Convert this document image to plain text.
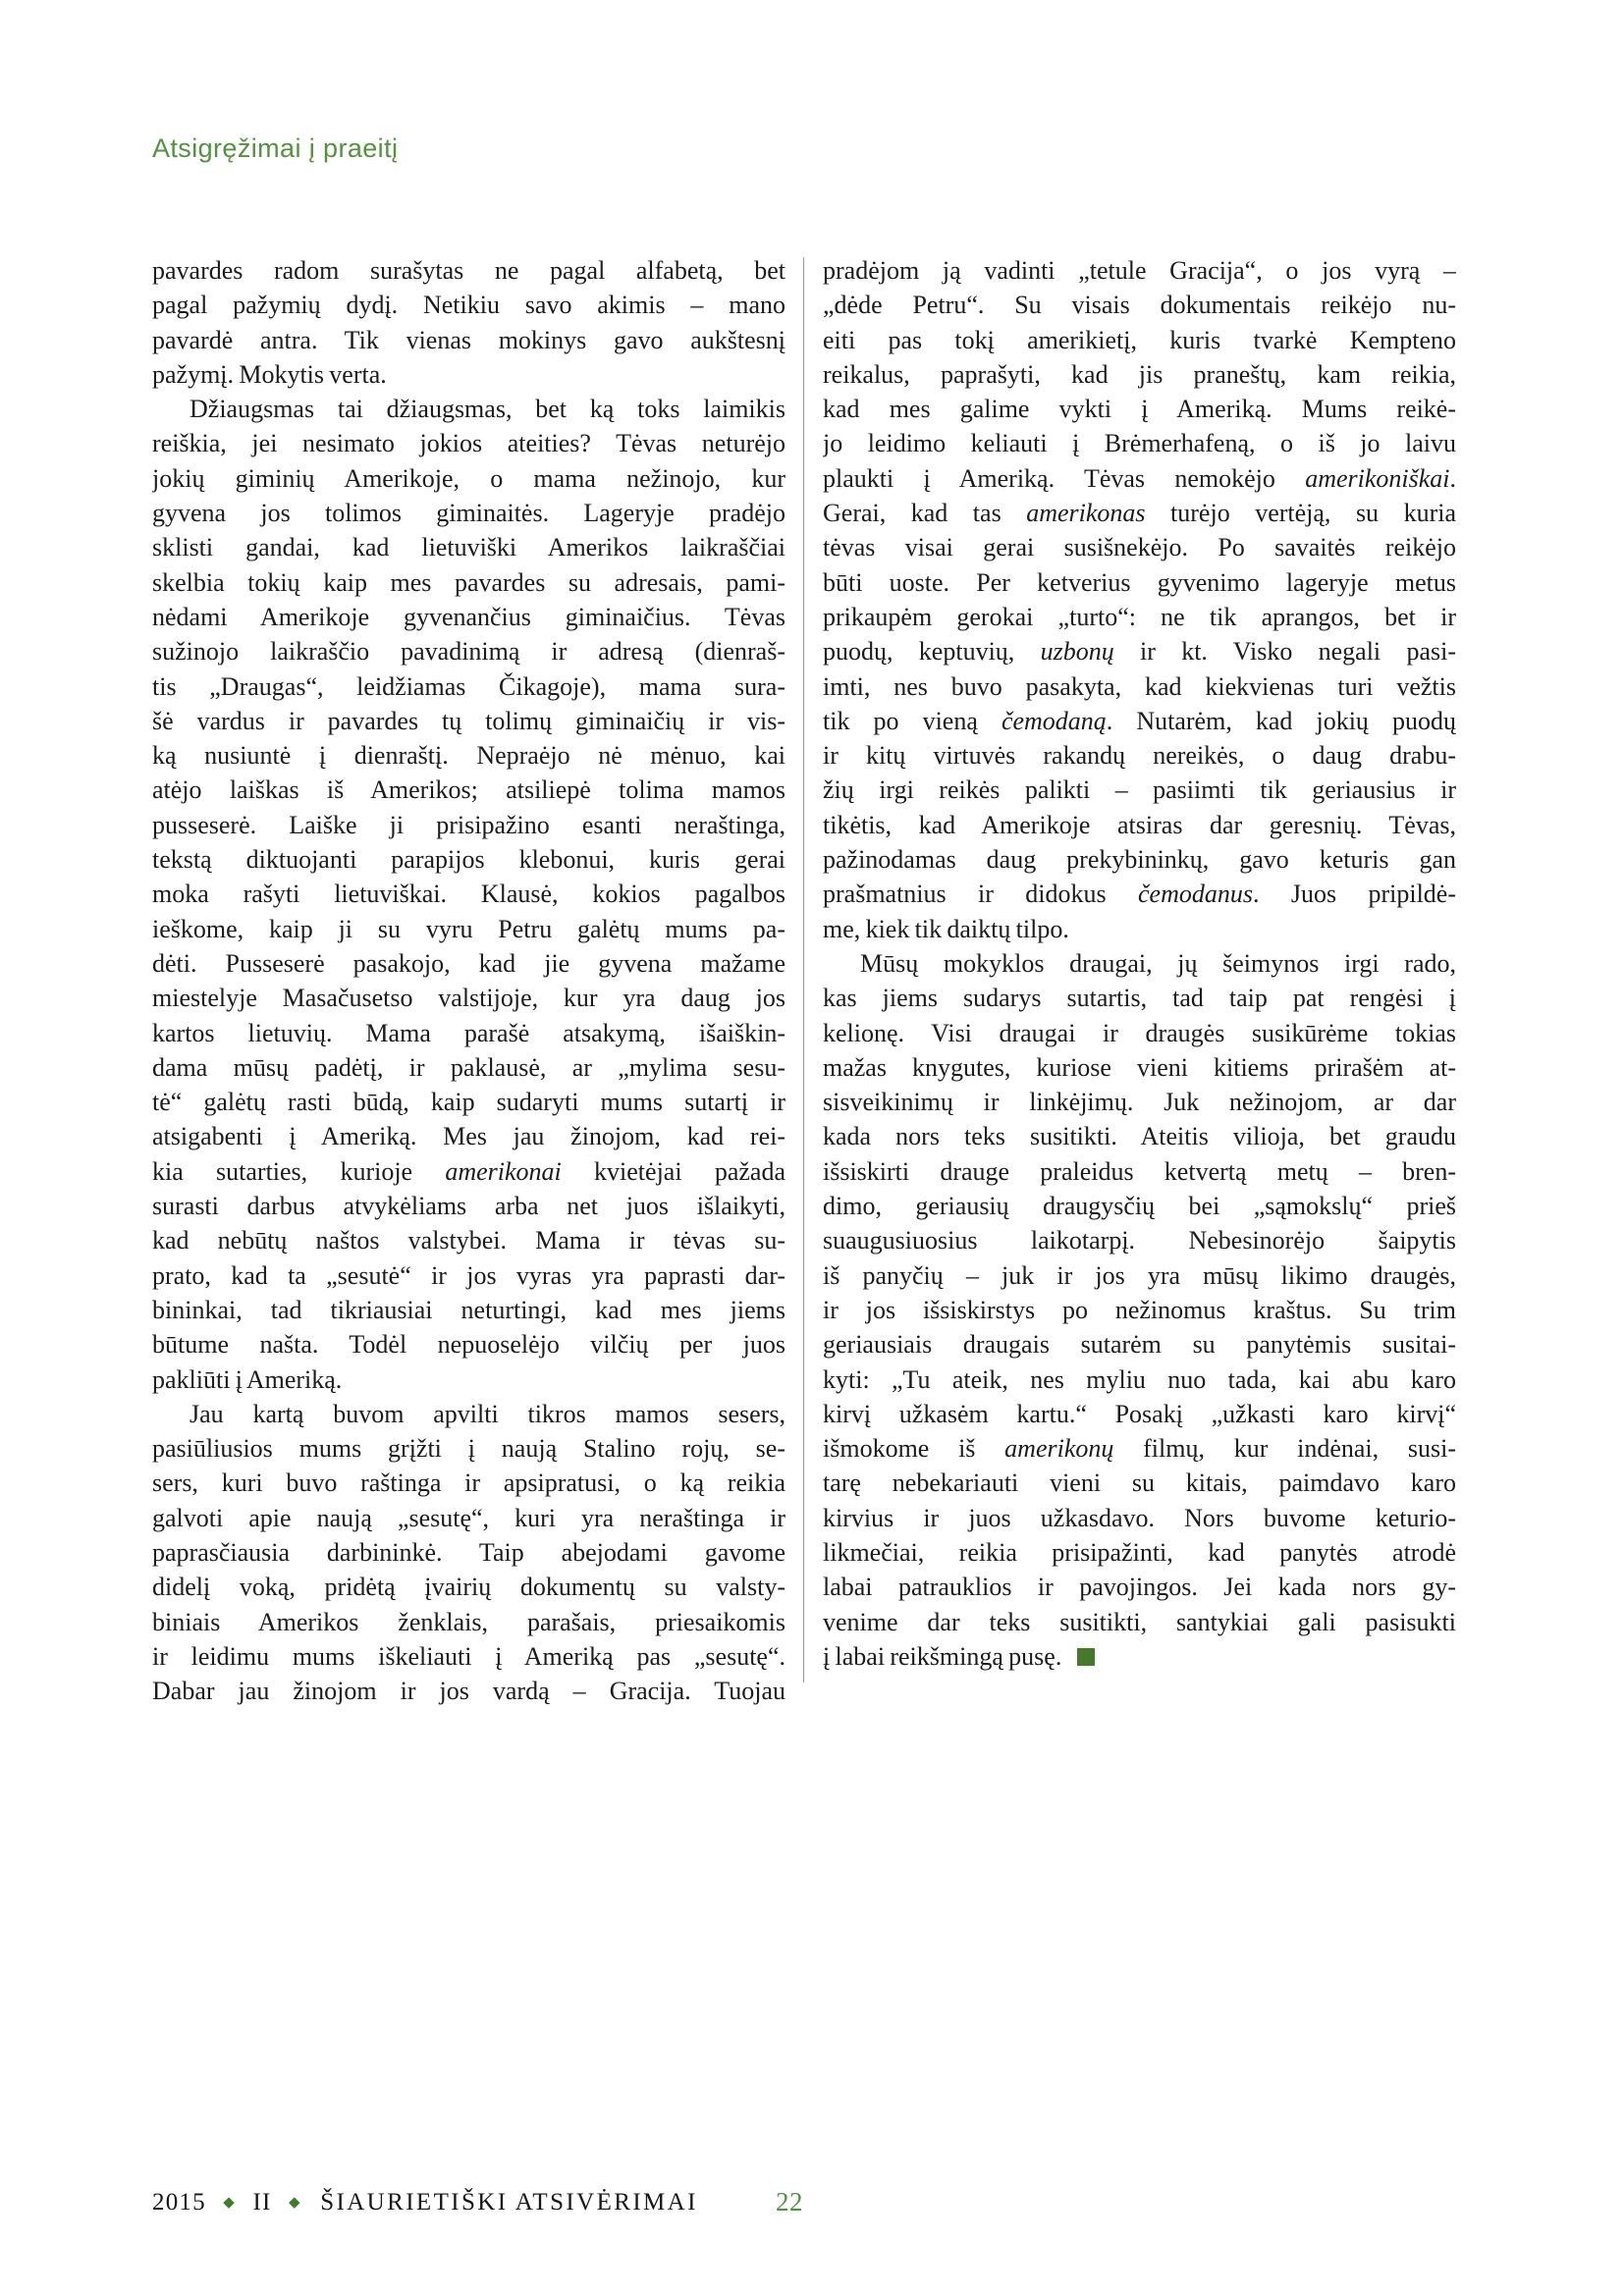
Atsigręžimai į praeitį
pavardes radom surašytas ne pagal alfabetą, bet
pagal pažymių dydį. Netikiu savo akimis – mano
pavardė antra. Tik vienas mokinys gavo aukštesnį
pažymį. Mokytis verta.
Džiaugsmas tai džiaugsmas, bet ką toks laimikis
reiškia, jei nesimato jokios ateities? Tėvas neturėjo
jokių giminių Amerikoje, o mama nežinojo, kur
gyvena jos tolimos giminaitės. Lageryje pradėjo
sklisti gandai, kad lietuviški Amerikos laikraščiai
skelbia tokių kaip mes pavardes su adresais, pami-
nėdami Amerikoje gyvenančius giminaičius. Tėvas
sužinojo laikraščio pavadinimą ir adresą (dienraš-
tis „Draugas“, leidžiamas Čikagoje), mama sura-
šė vardus ir pavardes tų tolimų giminaičių ir vis-
ką nusiuntė į dienraštį. Nepraėjo nė mėnuo, kai
atėjo laiškas iš Amerikos; atsiliepė tolima mamos
pusseserė. Laiške ji prisipažino esanti neraštinga,
tekstą diktuojanti parapijos klebonui, kuris gerai
moka rašyti lietuviškai. Klausė, kokios pagalbos
ieškome, kaip ji su vyru Petru galėtų mums pa-
dėti. Pusseserė pasakojo, kad jie gyvena mažame
miestelyje Masačusetso valstijoje, kur yra daug jos
kartos lietuvių. Mama parašė atsakymą, išaiškin-
dama mūsų padėtį, ir paklausė, ar „mylima sesu-
tė“ galėtų rasti būdą, kaip sudaryti mums sutartį ir
atsigabenti į Ameriką. Mes jau žinojom, kad rei-
kia sutarties, kurioje amerikonai kvietėjai pažada
surasti darbus atvykėliams arba net juos išlaikyti,
kad nebūtų naštos valstybei. Mama ir tėvas su-
prato, kad ta „sesutė“ ir jos vyras yra paprasti dar-
bininkai, tad tikriausiai neturtingi, kad mes jiems
būtume našta. Todėl nepuoselėjo vilčių per juos
pakliūti į Ameriką.
Jau kartą buvom apvilti tikros mamos sesers,
pasiūliusios mums grįžti į naują Stalino rojų, se-
sers, kuri buvo raštinga ir apsipratusi, o ką reikia
galvoti apie naują „sesutę“, kuri yra neraštinga ir
paprasčiausia darbininkė. Taip abejodami gavome
didelį voką, pridėtą įvairių dokumentų su valsty-
biniais Amerikos ženklais, parašais, priesaikomis
ir leidimu mums iškeliauti į Ameriką pas „sesutę“.
Dabar jau žinojom ir jos vardą – Gracija. Tuojau
pradėjom ją vadinti „tetule Gracija“, o jos vyrą –
„dėde Petru“. Su visais dokumentais reikėjo nu-
eiti pas tokį amerikietį, kuris tvarkė Kempteno
reikalus, paprašyti, kad jis praneštų, kam reikia,
kad mes galime vykti į Ameriką. Mums reikė-
jo leidimo keliauti į Brėmerhafeną, o iš jo laivu
plaukti į Ameriką. Tėvas nemokėjo amerikoniškai.
Gerai, kad tas amerikonas turėjo vertėją, su kuria
tėvas visai gerai susišnekėjo. Po savaitės reikėjo
būti uoste. Per ketverius gyvenimo lageryje metus
prikaupėm gerokai „turto“: ne tik aprangos, bet ir
puodų, keptuvių, uzbonų ir kt. Visko negali pasi-
imti, nes buvo pasakyta, kad kiekvienas turi vežtis
tik po vieną čemodaną. Nutarėm, kad jokių puodų
ir kitų virtuvės rakandų nereikės, o daug drabu-
žių irgi reikės palikti – pasiimti tik geriausius ir
tikėtis, kad Amerikoje atsiras dar geresnių. Tėvas,
pažinodamas daug prekybininkų, gavo keturis gan
prašmatnius ir didokus čemodanus. Juos pripildė-
me, kiek tik daiktų tilpo.
Mūsų mokyklos draugai, jų šeimynos irgi rado,
kas jiems sudarys sutartis, tad taip pat rengėsi į
kelionę. Visi draugai ir draugės susikūrėme tokias
mažas knygutes, kuriose vieni kitiems prirašėm at-
sisveikinimų ir linkėjimų. Juk nežinojom, ar dar
kada nors teks susitikti. Ateitis vilioja, bet graudu
išsiskirti drauge praleidus ketvertą metų – bren-
dimo, geriausių draugysčių bei „sąmokslų“ prieš
suaugusiuosius laikotarpį. Nebesinorėjo šaipytis
iš panyčių – juk ir jos yra mūsų likimo draugės,
ir jos išsiskirstys po nežinomus kraštus. Su trim
geriausiais draugais sutarėm su panytėmis susitai-
kyti: „Tu ateik, nes myliu nuo tada, kai abu karo
kirvį užkasėm kartu.“ Posakį „užkasti karo kirvį“
išmokome iš amerikonų filmų, kur indėnai, susi-
tarę nebekariauti vieni su kitais, paimdavo karo
kirvius ir juos užkasdavo. Nors buvome keturio-
likmečiai, reikia prisipažinti, kad panytės atrodė
labai patrauklios ir pavojingos. Jei kada nors gy-
venime dar teks susitikti, santykiai gali pasisukti
į labai reikšmingą pusę.
2015 ◆ II ◆ ŠIAURIETIŠKI ATSIVĖRIMAI	22
